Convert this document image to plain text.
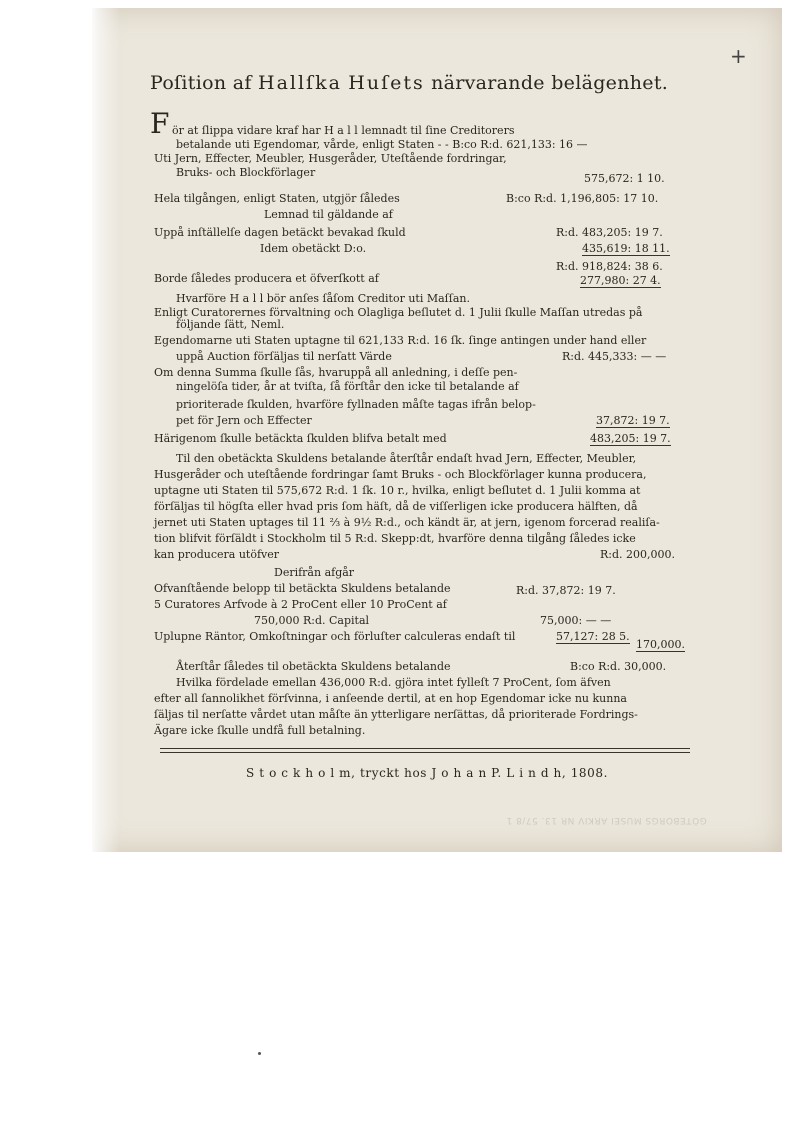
+
Poſition af Hallſka Huſets närvarande belägenhet.
F ör at ſlippa vidare kraf har H a l l lemnadt til ſine Creditorers
betalande uti Egendomar, vårde, enligt Staten - - B:co R:d. 621,133: 16 —
Uti Jern, Effecter, Meubler, Husgeråder, Uteſtående fordringar,
Bruks- och Blockförlager	575,672: 1 10.
Hela tilgången, enligt Staten, utgjör ſåledes	B:co R:d. 1,196,805: 17 10.
Lemnad til gäldande af
Uppå inſtällelſe dagen betäckt bevakad ſkuld	R:d. 483,205: 19 7.
Idem obetäckt D:o.	435,619: 18 11.
R:d. 918,824: 38 6.
Borde ſåledes producera et öfverſkott af	277,980: 27 4.
Hvarföre H a l l bör anſes ſåſom Creditor uti Maſſan.
Enligt Curatorernes förvaltning och Olagliga beſlutet d. 1 Julii ſkulle Maſſan utredas på
följande ſätt, Neml.
Egendomarne uti Staten uptagne til 621,133 R:d. 16 ſk. ſinge antingen under hand eller
uppå Auction förſäljas til nerſatt Värde	R:d. 445,333: — —
Om denna Summa ſkulle ſås, hvaruppå all anledning, i deſſe pen-
ningelöſa tider, år at tviſta, ſå förſtår den icke til betalande af
prioriterade ſkulden, hvarföre fyllnaden måſte tagas ifrån belop-
pet för Jern och Effecter	37,872: 19 7.
Härigenom ſkulle betäckta ſkulden blifva betalt med	483,205: 19 7.
Til den obetäckta Skuldens betalande återſtår endaſt hvad Jern, Effecter, Meubler,
Husgeråder och uteſtående fordringar ſamt Bruks - och Blockförlager kunna producera,
uptagne uti Staten til 575,672 R:d. 1 ſk. 10 r., hvilka, enligt beſlutet d. 1 Julii komma at
förſäljas til högſta eller hvad pris ſom häſt, då de viſſerligen icke producera hälften, då
jernet uti Staten uptages til 11 ⅔ à 9½ R:d., och kändt är, at jern, igenom forcerad realiſa-
tion blifvit förſäldt i Stockholm til 5 R:d. Skepp:dt, hvarföre denna tilgång ſåledes icke
kan producera utöfver	R:d. 200,000.
Derifrån afgår
Ofvanſtående belopp til betäckta Skuldens betalande	R:d. 37,872: 19 7.
5 Curatores Arfvode à 2 ProCent eller 10 ProCent af
750,000 R:d. Capital	75,000: — —
Uplupne Räntor, Omkoſtningar och förluſter calculeras endaſt til	57,127: 28 5.
170,000.
Återſtår ſåledes til obetäckta Skuldens betalande	B:co R:d. 30,000.
Hvilka fördelade emellan 436,000 R:d. gjöra intet fylleſt 7 ProCent, ſom äfven
efter all ſannolikhet förſvinna, i anſeende dertil, at en hop Egendomar icke nu kunna
ſäljas til nerſatte vårdet utan måſte än ytterligare nerſättas, då prioriterade Fordrings-
Ägare icke ſkulle undfå full betalning.
S t o c k h o l m, tryckt hos J o h a n P. L i n d h, 1808.
GÖTEBORGS MUSEI ARKIV NR 13. 57/8 1
